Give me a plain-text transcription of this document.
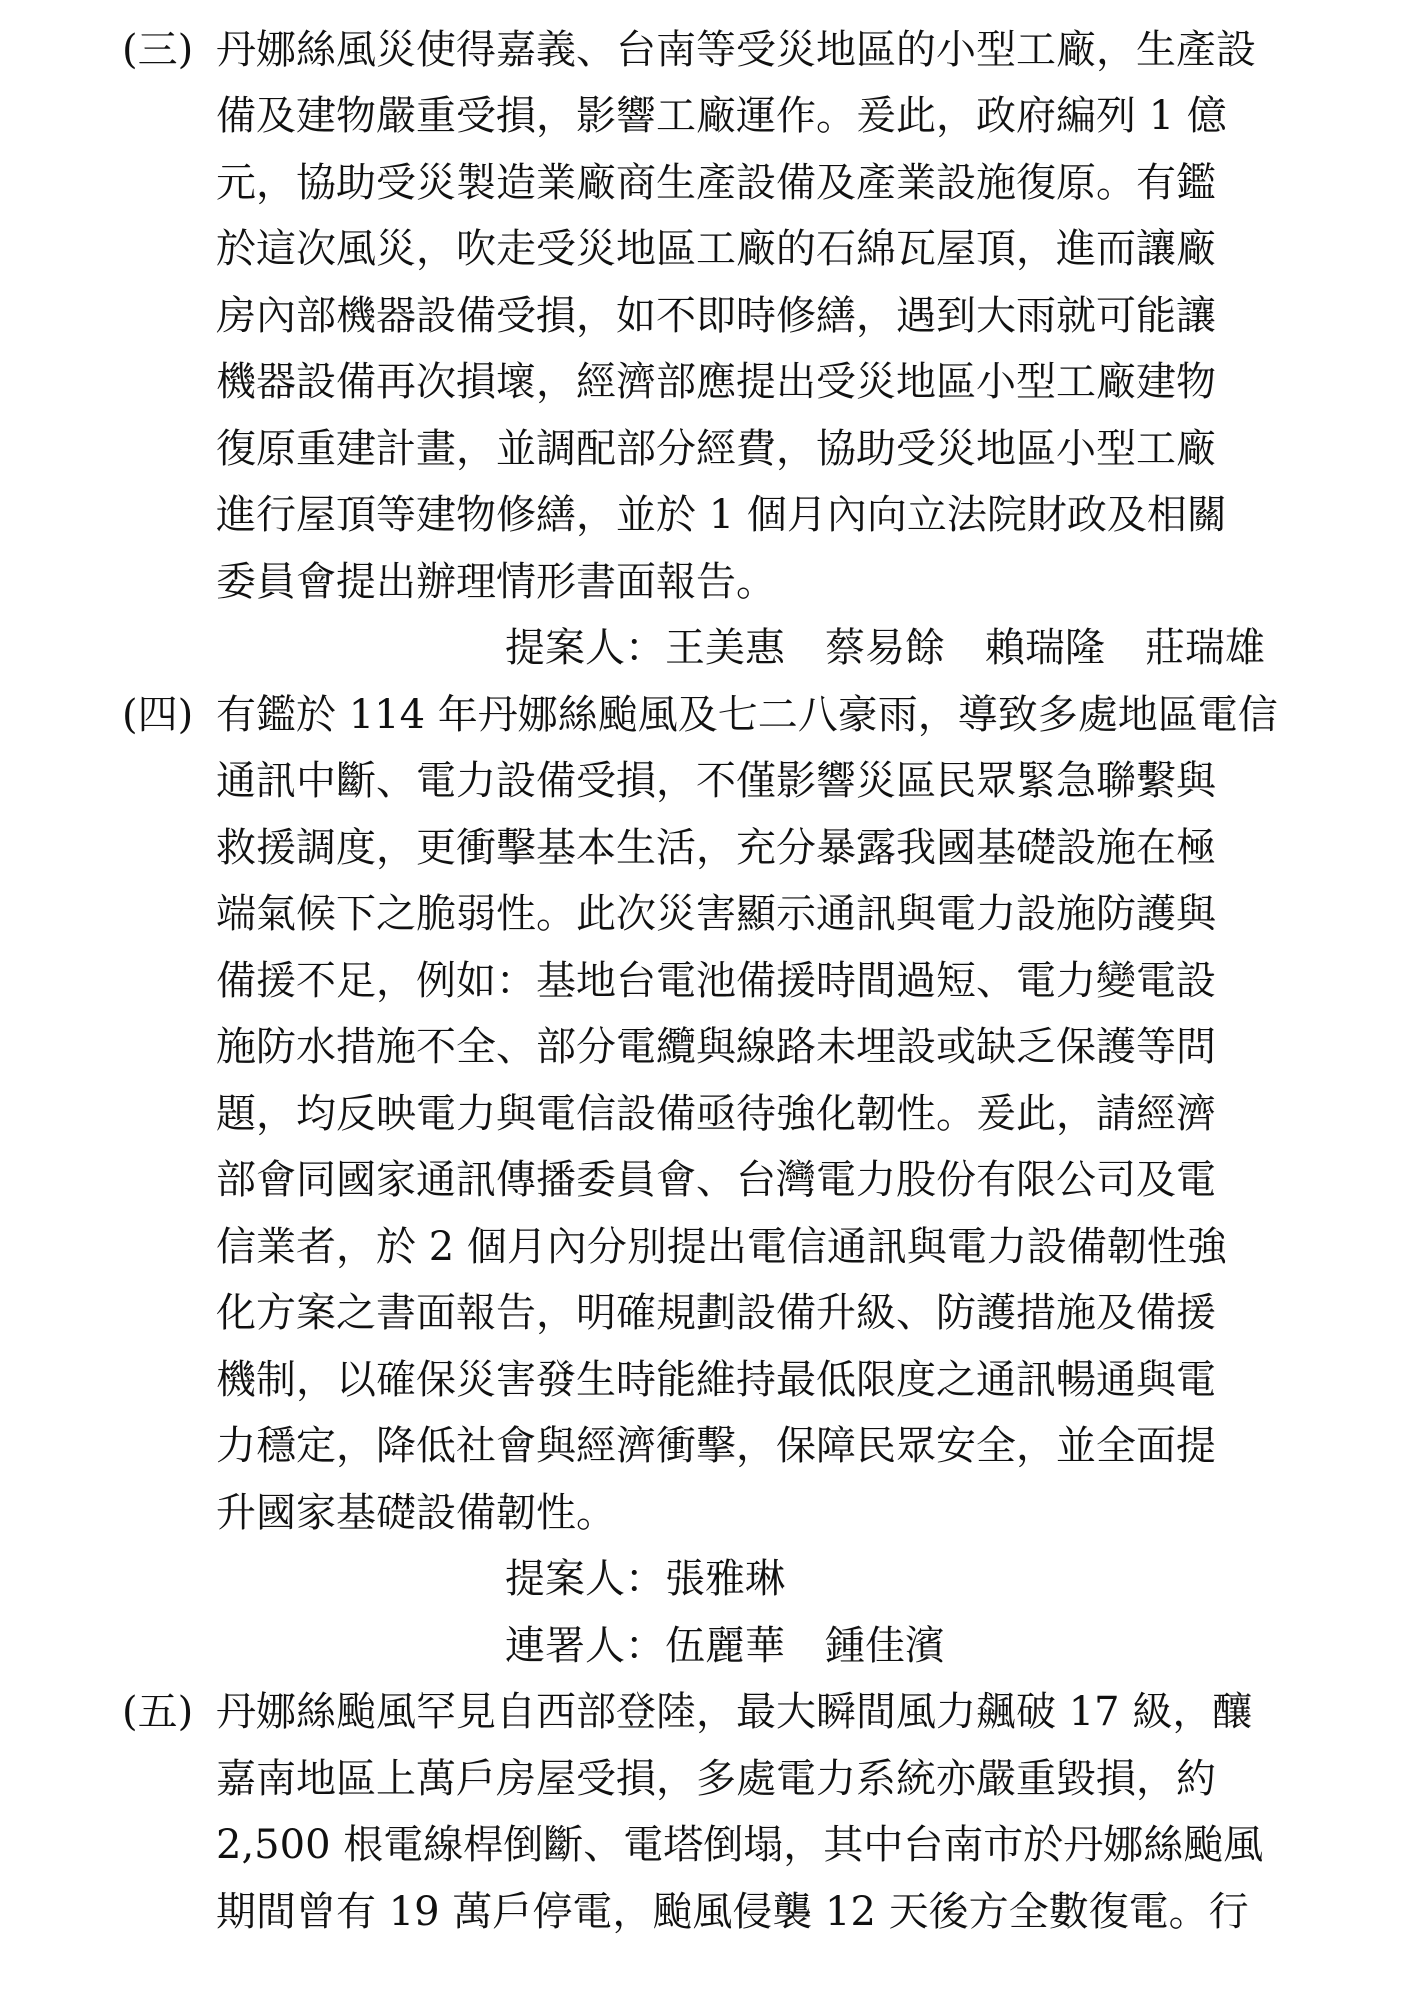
(三) 丹娜絲風災使得嘉義、台南等受災地區的小型工廠，生產設
備及建物嚴重受損，影響工廠運作。爰此，政府編列 1 億
元，協助受災製造業廠商生產設備及產業設施復原。有鑑
於這次風災，吹走受災地區工廠的石綿瓦屋頂，進而讓廠
房內部機器設備受損，如不即時修繕，遇到大雨就可能讓
機器設備再次損壞，經濟部應提出受災地區小型工廠建物
復原重建計畫，並調配部分經費，協助受災地區小型工廠
進行屋頂等建物修繕，並於 1 個月內向立法院財政及相關
委員會提出辦理情形書面報告。
提案人：王美惠　蔡易餘　賴瑞隆　莊瑞雄
(四) 有鑑於 114 年丹娜絲颱風及七二八豪雨，導致多處地區電信
通訊中斷、電力設備受損，不僅影響災區民眾緊急聯繫與
救援調度，更衝擊基本生活，充分暴露我國基礎設施在極
端氣候下之脆弱性。此次災害顯示通訊與電力設施防護與
備援不足，例如：基地台電池備援時間過短、電力變電設
施防水措施不全、部分電纜與線路未埋設或缺乏保護等問
題，均反映電力與電信設備亟待強化韌性。爰此，請經濟
部會同國家通訊傳播委員會、台灣電力股份有限公司及電
信業者，於 2 個月內分別提出電信通訊與電力設備韌性強
化方案之書面報告，明確規劃設備升級、防護措施及備援
機制，以確保災害發生時能維持最低限度之通訊暢通與電
力穩定，降低社會與經濟衝擊，保障民眾安全，並全面提
升國家基礎設備韌性。
提案人：張雅琳
連署人：伍麗華　鍾佳濱
(五) 丹娜絲颱風罕見自西部登陸，最大瞬間風力飆破 17 級，釀
嘉南地區上萬戶房屋受損，多處電力系統亦嚴重毀損，約
2,500 根電線桿倒斷、電塔倒塌，其中台南市於丹娜絲颱風
期間曾有 19 萬戶停電，颱風侵襲 12 天後方全數復電。行
